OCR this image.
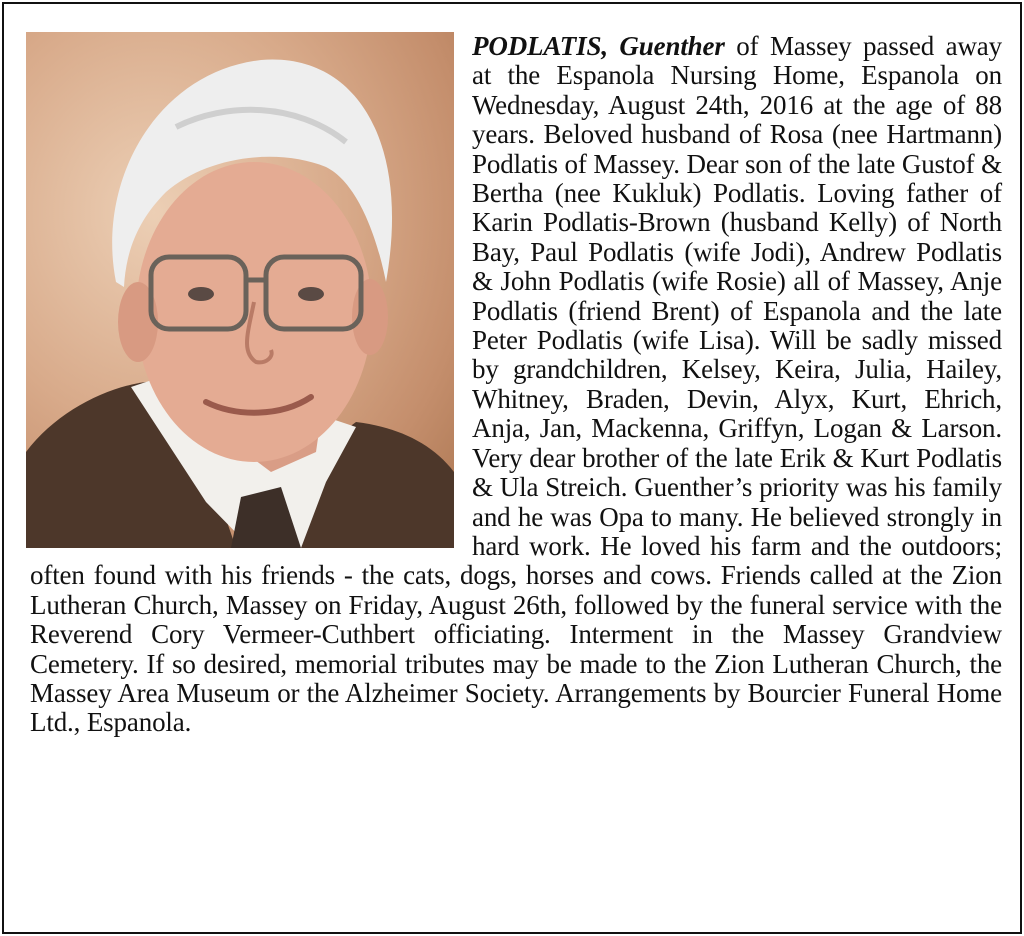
PODLATIS, Guenther of Massey passed away at the Espanola Nursing Home, Espanola on Wednesday, August 24th, 2016 at the age of 88 years. Beloved husband of Rosa (nee Hartmann) Podlatis of Massey. Dear son of the late Gustof & Bertha (nee Kukluk) Podlatis. Loving father of Karin Podlatis-Brown (husband Kelly) of North Bay, Paul Podlatis (wife Jodi), Andrew Podlatis & John Podlatis (wife Rosie) all of Massey, Anje Podlatis (friend Brent) of Espanola and the late Peter Podlatis (wife Lisa). Will be sadly missed by grandchildren, Kelsey, Keira, Julia, Hailey, Whitney, Braden, Devin, Alyx, Kurt, Ehrich, Anja, Jan, Mackenna, Griffyn, Logan & Larson. Very dear brother of the late Erik & Kurt Podlatis & Ula Streich. Guenther’s priority was his family and he was Opa to many. He believed strongly in hard work. He loved his farm and the outdoors; often found with his friends - the cats, dogs, horses and cows. Friends called at the Zion Lutheran Church, Massey on Friday, August 26th, followed by the funeral service with the Reverend Cory Vermeer-Cuthbert officiating. Interment in the Massey Grandview Cemetery. If so desired, memorial tributes may be made to the Zion Lutheran Church, the Massey Area Museum or the Alzheimer Society. Arrangements by Bourcier Funeral Home Ltd., Espanola.
